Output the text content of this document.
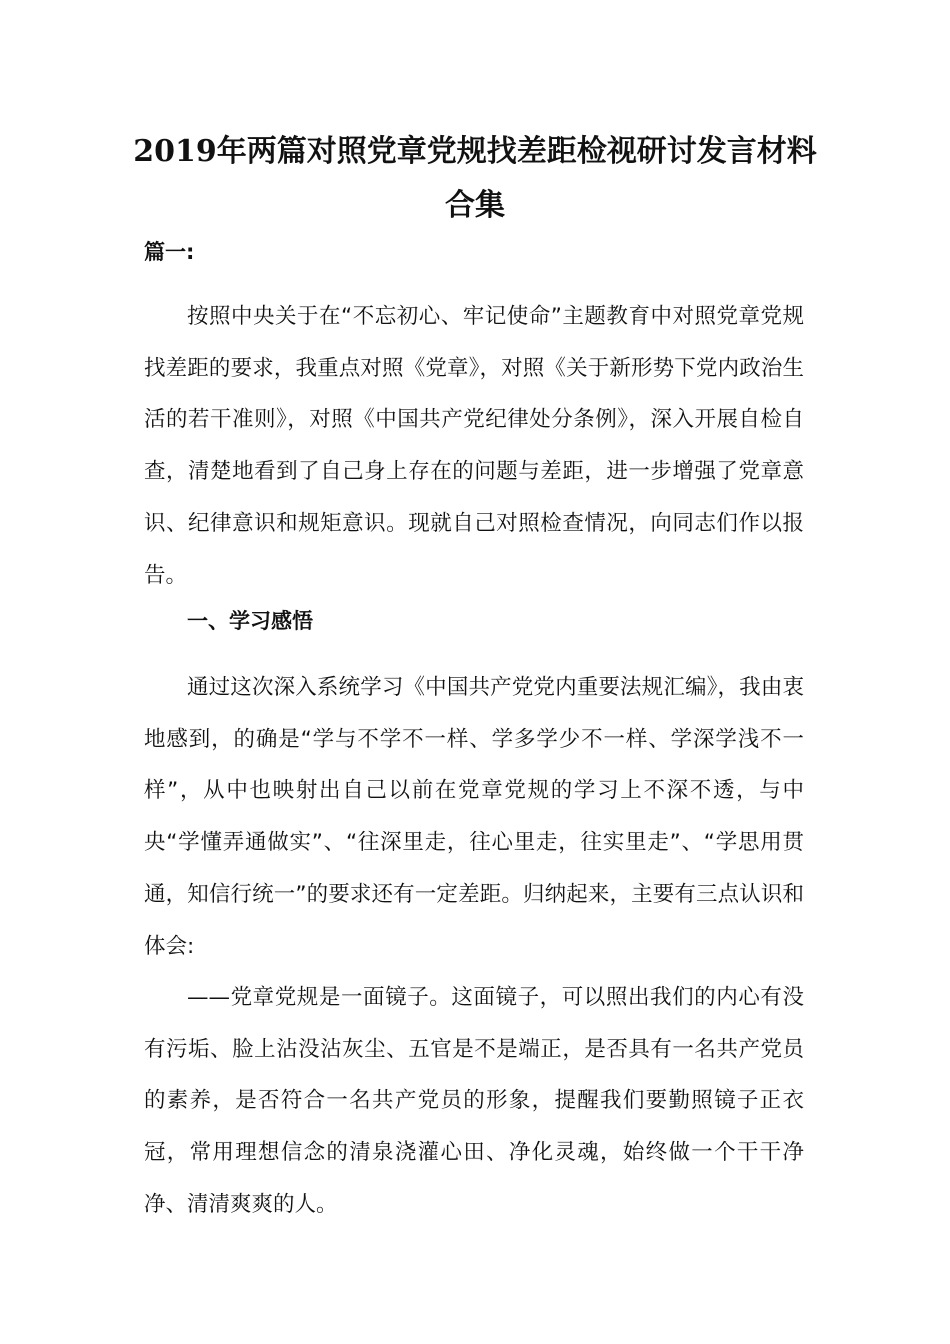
2019年两篇对照党章党规找差距检视研讨发言材料
合集

篇一:

按照中央关于在“不忘初心、牢记使命”主题教育中对照党章党规找差距的要求，我重点对照《党章》，对照《关于新形势下党内政治生活的若干准则》，对照《中国共产党纪律处分条例》，深入开展自检自查，清楚地看到了自己身上存在的问题与差距，进一步增强了党章意识、纪律意识和规矩意识。现就自己对照检查情况，向同志们作以报告。

一、学习感悟

通过这次深入系统学习《中国共产党党内重要法规汇编》，我由衷地感到，的确是“学与不学不一样、学多学少不一样、学深学浅不一样”，从中也映射出自己以前在党章党规的学习上不深不透，与中央“学懂弄通做实”、“往深里走，往心里走，往实里走”、“学思用贯通，知信行统一”的要求还有一定差距。归纳起来，主要有三点认识和体会:

——党章党规是一面镜子。这面镜子，可以照出我们的内心有没有污垢、脸上沾没沾灰尘、五官是不是端正，是否具有一名共产党员的素养，是否符合一名共产党员的形象，提醒我们要勤照镜子正衣冠，常用理想信念的清泉浇灌心田、净化灵魂，始终做一个干干净净、清清爽爽的人。
